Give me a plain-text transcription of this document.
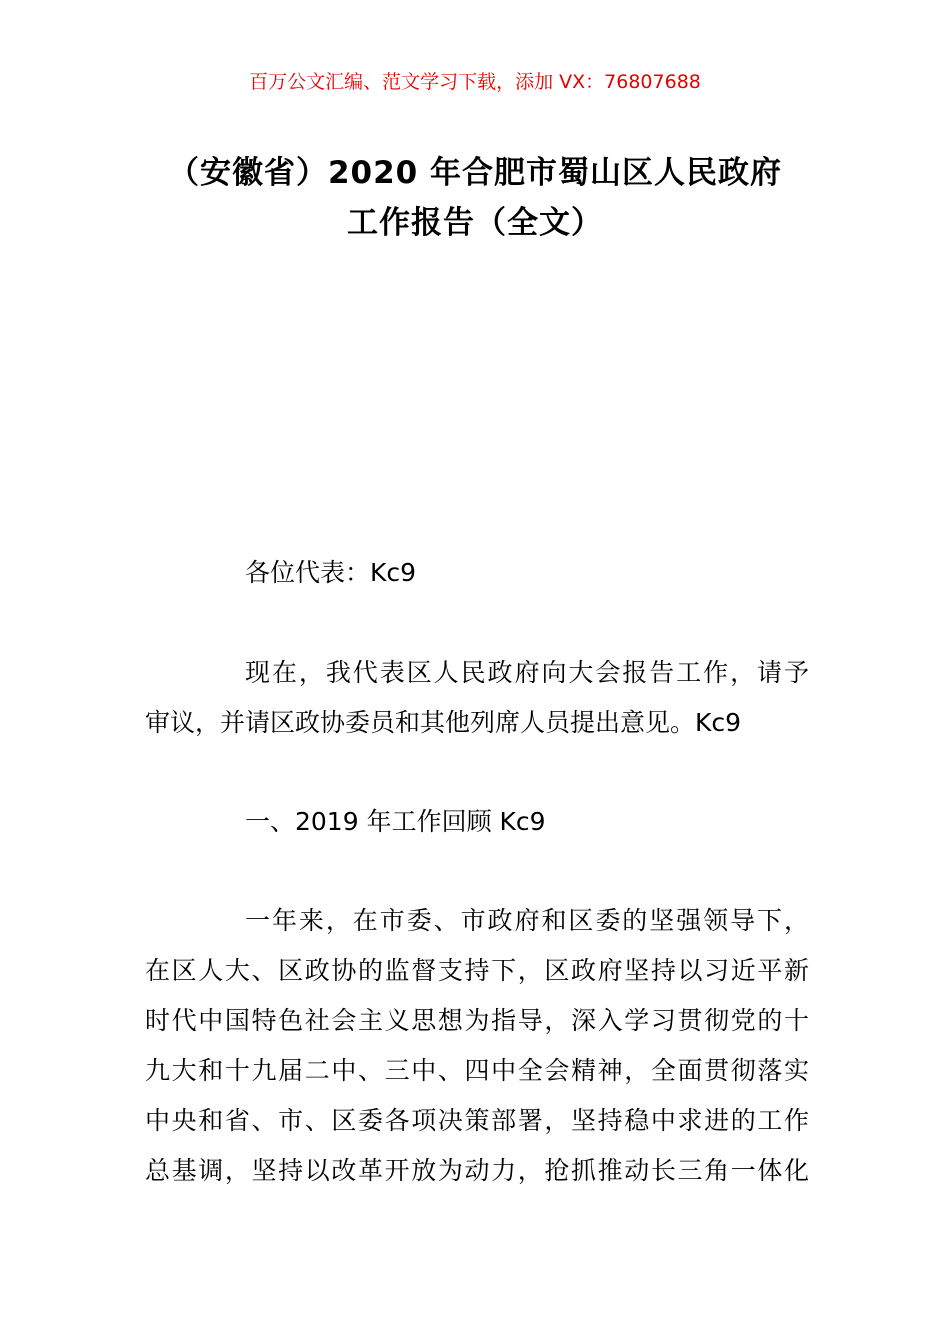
百万公文汇编、范文学习下载，添加 VX：76807688
（安徽省）2020 年合肥市蜀山区人民政府
工作报告（全文）
各位代表：Kc9
现在，我代表区人民政府向大会报告工作，请予
审议，并请区政协委员和其他列席人员提出意见。Kc9
一、2019 年工作回顾 Kc9
一年来，在市委、市政府和区委的坚强领导下，
在区人大、区政协的监督支持下，区政府坚持以习近平新
时代中国特色社会主义思想为指导，深入学习贯彻党的十
九大和十九届二中、三中、四中全会精神，全面贯彻落实
中央和省、市、区委各项决策部署，坚持稳中求进的工作
总基调，坚持以改革开放为动力，抢抓推动长三角一体化
